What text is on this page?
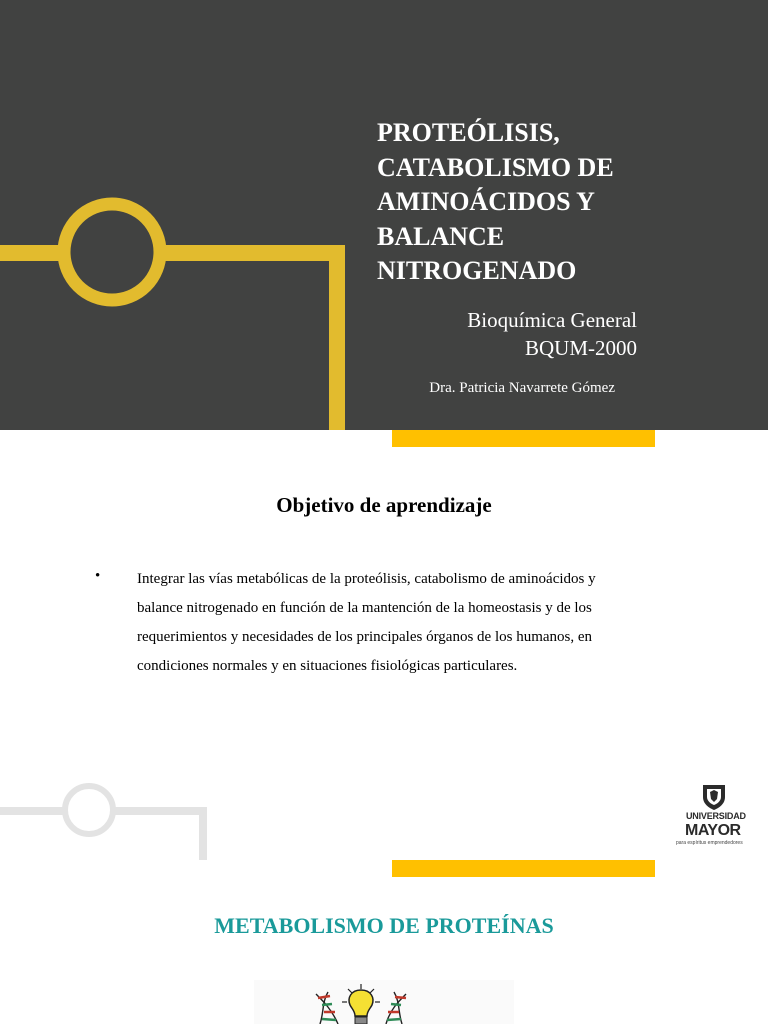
PROTEÓLISIS,
CATABOLISMO DE
AMINOÁCIDOS Y
BALANCE
NITROGENADO
Bioquímica General
BQUM-2000
Dra. Patricia Navarrete Gómez
Objetivo de aprendizaje
• Integrar las vías metabólicas de la proteólisis, catabolismo de aminoácidos y
balance nitrogenado en función de la mantención de la homeostasis y de los
requerimientos y necesidades de los principales órganos de los humanos, en
condiciones normales y en situaciones fisiológicas particulares.
UNIVERSIDAD
MAYOR
para espíritus emprendedores
METABOLISMO DE PROTEÍNAS
